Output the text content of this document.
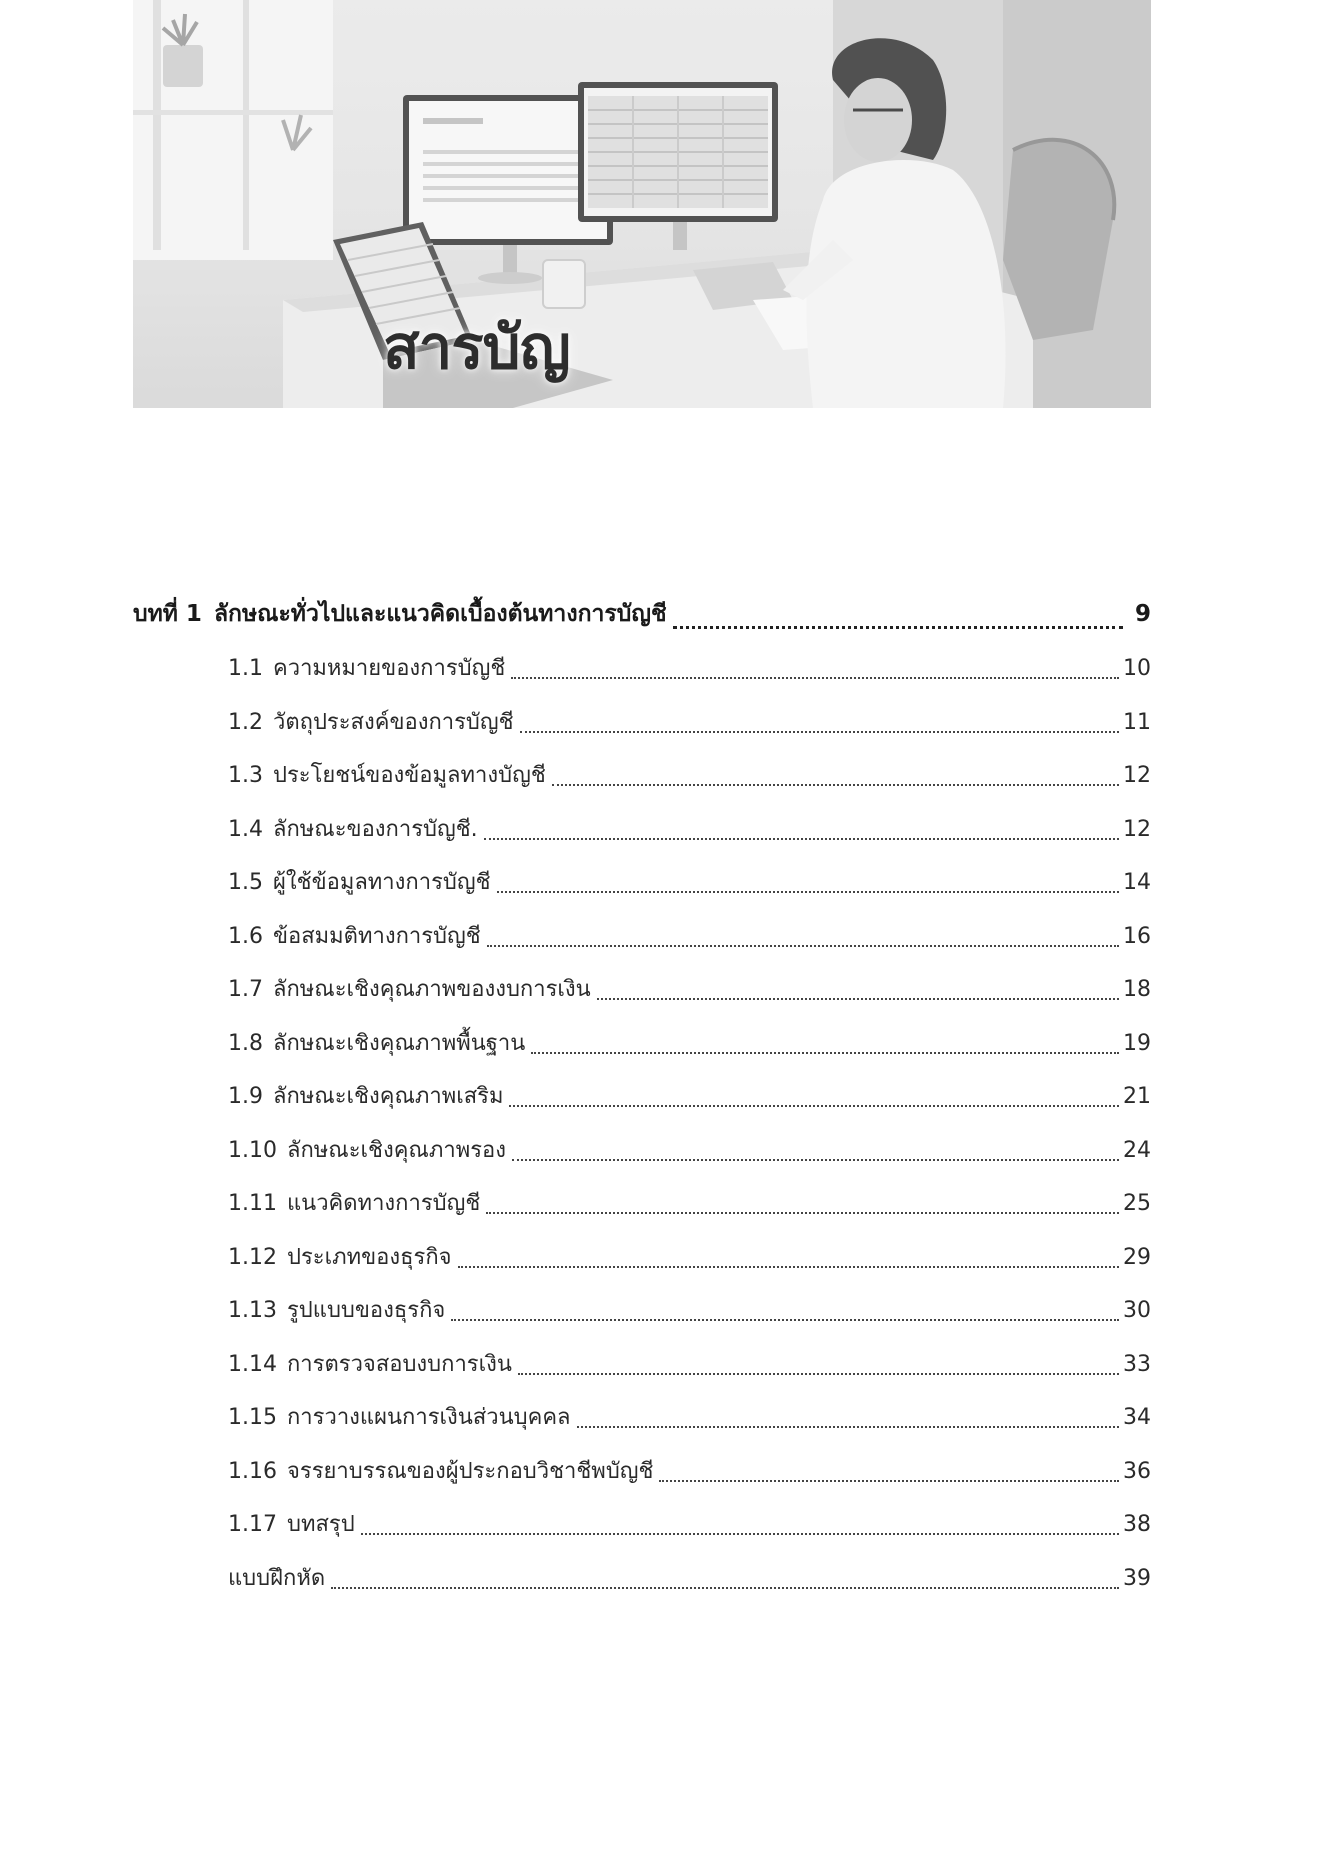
สารบัญ
บทที่ 1 ลักษณะทั่วไปและแนวคิดเบื้องต้นทางการบัญชี	9
1.1 ความหมายของการบัญชี	10
1.2 วัตถุประสงค์ของการบัญชี	11
1.3 ประโยชน์ของข้อมูลทางบัญชี	12
1.4 ลักษณะของการบัญชี.	12
1.5 ผู้ใช้ข้อมูลทางการบัญชี	14
1.6 ข้อสมมติทางการบัญชี	16
1.7 ลักษณะเชิงคุณภาพของงบการเงิน	18
1.8 ลักษณะเชิงคุณภาพพื้นฐาน	19
1.9 ลักษณะเชิงคุณภาพเสริม	21
1.10 ลักษณะเชิงคุณภาพรอง	24
1.11 แนวคิดทางการบัญชี	25
1.12 ประเภทของธุรกิจ	29
1.13 รูปแบบของธุรกิจ	30
1.14 การตรวจสอบงบการเงิน	33
1.15 การวางแผนการเงินส่วนบุคคล	34
1.16 จรรยาบรรณของผู้ประกอบวิชาชีพบัญชี	36
1.17 บทสรุป	38
แบบฝึกหัด	39
